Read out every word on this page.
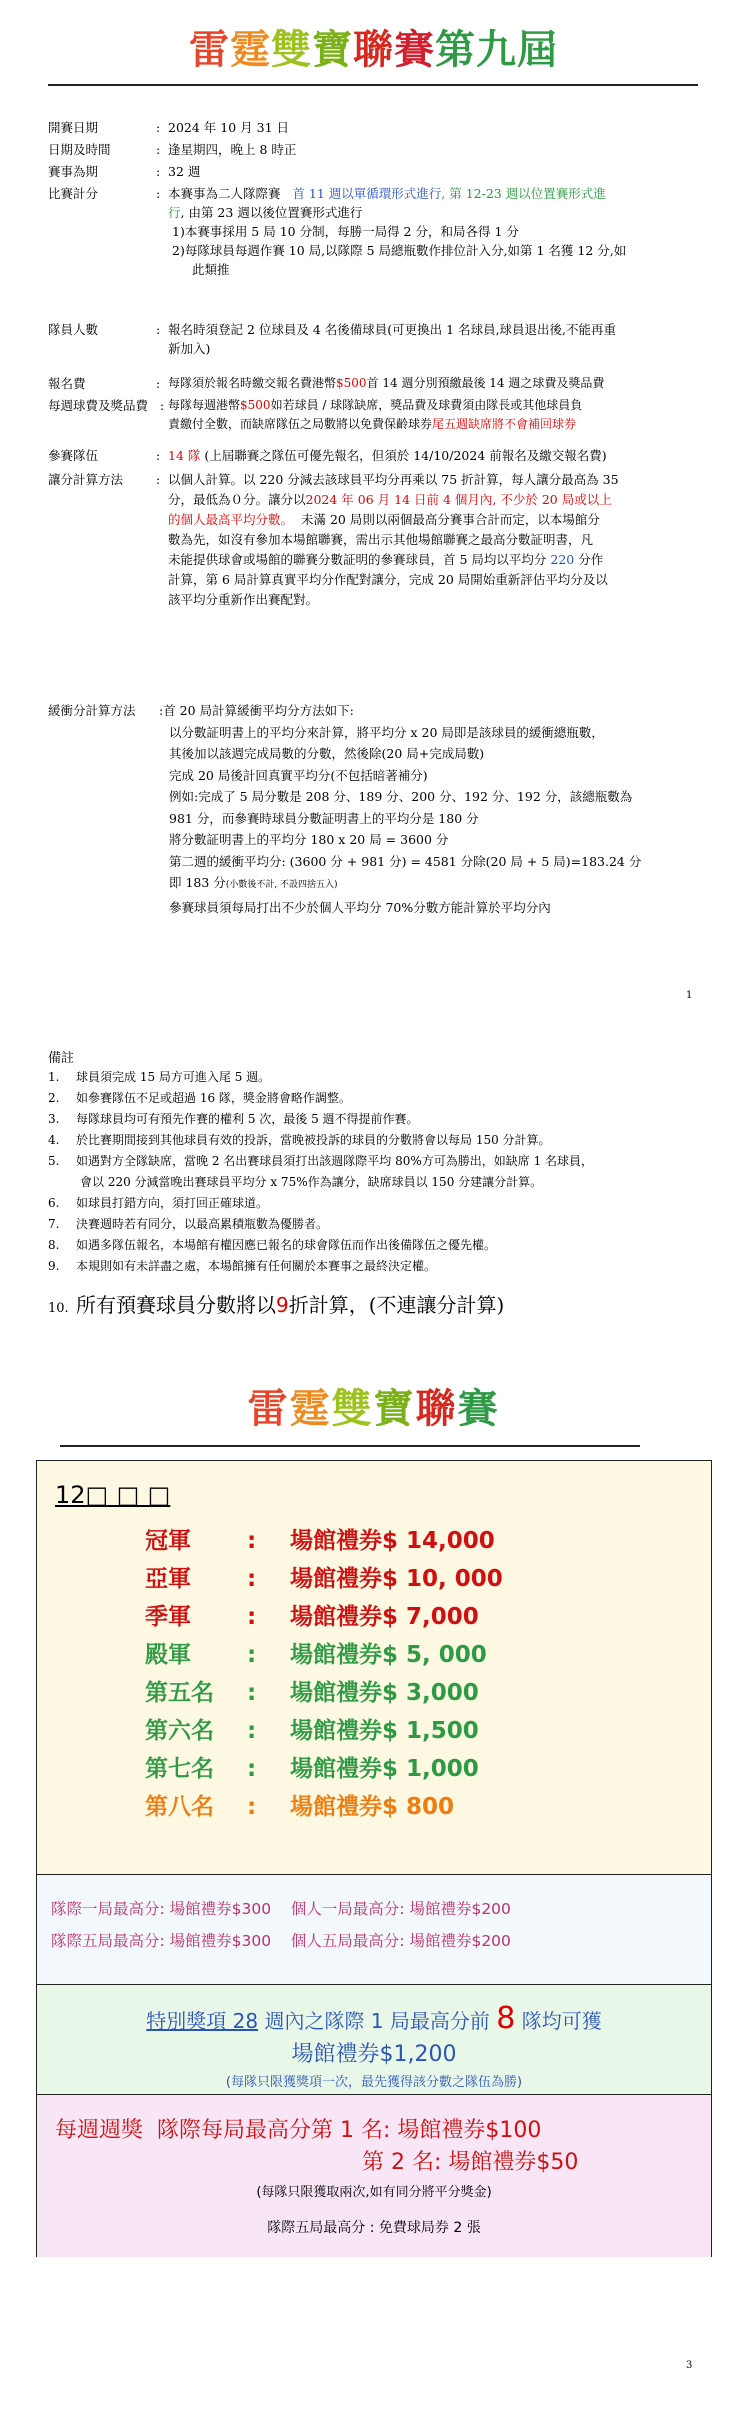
雷霆雙寶聯賽第九屆
開賽日期	: 2024 年 10 月 31 日
日期及時間	: 逢星期四，晚上 8 時正
賽事為期	: 32 週
比賽計分	: 本賽事為二人隊際賽 首 11 週以單循環形式進行, 第 12-23 週以位置賽形式進
行, 由第 23 週以後位置賽形式進行
1)本賽事採用 5 局 10 分制，每勝一局得 2 分，和局各得 1 分
2)每隊球員每週作賽 10 局,以隊際 5 局總瓶數作排位計入分,如第 1 名獲 12 分,如
此類推
隊員人數	: 報名時須登記 2 位球員及 4 名後備球員(可更換出 1 名球員,球員退出後,不能再重
新加入)
報名費	: 每隊須於報名時繳交報名費港幣$500首 14 週分別預繳最後 14 週之球費及獎品費
每週球費及獎品費 : 每隊每週港幣$500如若球員 / 球隊缺席，獎品費及球費須由隊長或其他球員負
責繳付全數，而缺席隊伍之局數將以免費保齡球券尾五週缺席將不會補回球券
參賽隊伍	: 14 隊 (上屆聯賽之隊伍可優先報名，但須於 14/10/2024 前報名及繳交報名費)
讓分計算方法	: 以個人計算。以 220 分減去該球員平均分再乘以 75 折計算，每人讓分最高為 35
分，最低為０分。讓分以2024 年 06 月 14 日前 4 個月內, 不少於 20 局或以上
的個人最高平均分數。 未滿 20 局則以兩個最高分賽事合計而定，以本場館分
數為先，如沒有參加本場館聯賽，需出示其他場館聯賽之最高分數証明書，凡
未能提供球會或場館的聯賽分數証明的參賽球員，首 5 局均以平均分 220 分作
計算，第 6 局計算真實平均分作配對讓分，完成 20 局開始重新評估平均分及以
該平均分重新作出賽配對。
緩衝分計算方法	:首 20 局計算緩衝平均分方法如下:
以分數証明書上的平均分來計算，將平均分 x 20 局即是該球員的緩衝總瓶數，
其後加以該週完成局數的分數，然後除(20 局+完成局數)
完成 20 局後計回真實平均分(不包括暗著補分)
例如:完成了 5 局分數是 208 分、189 分、200 分、192 分、192 分，該總瓶數為
981 分，而參賽時球員分數証明書上的平均分是 180 分
將分數証明書上的平均分 180 x 20 局 = 3600 分
第二週的緩衝平均分: (3600 分 + 981 分) = 4581 分除(20 局 + 5 局)=183.24 分
即 183 分(小數後不計, 不設四捨五入)
參賽球員須每局打出不少於個人平均分 70%分數方能計算於平均分內
1
備註
1. 球員須完成 15 局方可進入尾 5 週。
2. 如參賽隊伍不足或超過 16 隊，獎金將會略作調整。
3. 每隊球員均可有預先作賽的權利 5 次，最後 5 週不得提前作賽。
4. 於比賽期間接到其他球員有效的投訴，當晚被投訴的球員的分數將會以每局 150 分計算。
5. 如遇對方全隊缺席，當晚 2 名出賽球員須打出該週隊際平均 80%方可為勝出，如缺席 1 名球員，
會以 220 分減當晚出賽球員平均分 x 75%作為讓分，缺席球員以 150 分建讓分計算。
6. 如球員打錯方向，須打回正確球道。
7. 決賽週時若有同分，以最高累積瓶數為優勝者。
8. 如遇多隊伍報名，本場館有權因應已報名的球會隊伍而作出後備隊伍之優先權。
9. 本規則如有未詳盡之處，本場館擁有任何關於本賽事之最終決定權。
10. 所有預賽球員分數將以9折計算，(不連讓分計算)
雷霆雙寶聯賽
12□ □ □
冠軍 : 場館禮券$ 14,000
亞軍 : 場館禮券$ 10, 000
季軍 : 場館禮券$ 7,000
殿軍 : 場館禮券$ 5, 000
第五名 : 場館禮券$ 3,000
第六名 : 場館禮券$ 1,500
第七名 : 場館禮券$ 1,000
第八名 : 場館禮券$ 800
隊際一局最高分: 場館禮券$300    個人一局最高分: 場館禮券$200
隊際五局最高分: 場館禮券$300    個人五局最高分: 場館禮券$200
特別獎項 28 週內之隊際 1 局最高分前 8 隊均可獲
場館禮券$1,200
(每隊只限獲獎項一次，最先獲得該分數之隊伍為勝)
每週週獎  隊際每局最高分第 1 名: 場館禮券$100
第 2 名: 場館禮券$50
(每隊只限獲取兩次,如有同分將平分獎金)
隊際五局最高分 : 免費球局券 2 張
3
